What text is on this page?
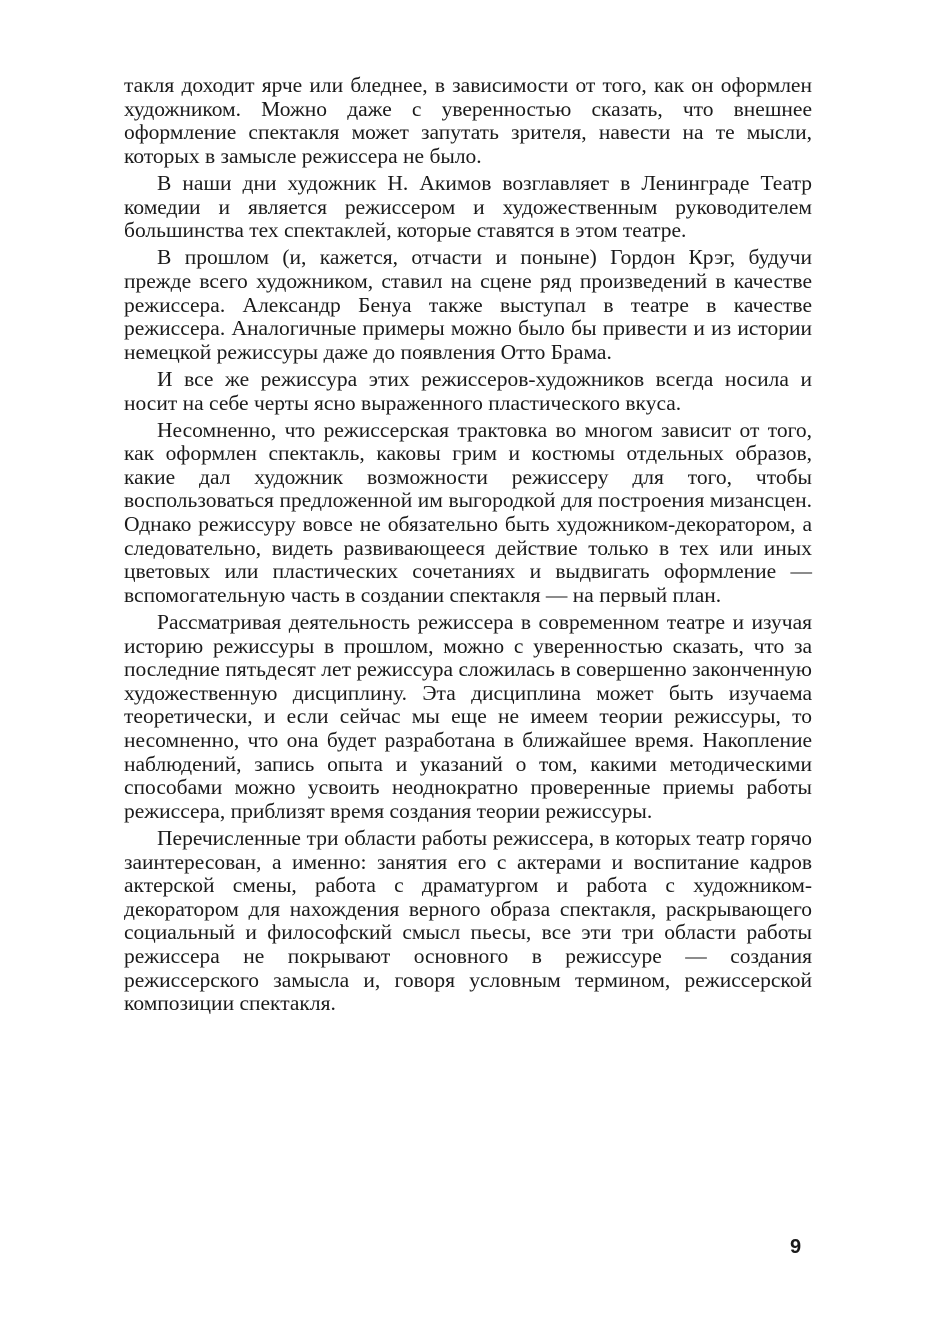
такля доходит ярче или бледнее, в зависимости от того, как он оформлен художником. Можно даже с уверенностью сказать, что внешнее оформление спектакля может запутать зрителя, навести на те мысли, которых в замысле режиссера не было.

В наши дни художник Н. Акимов возглавляет в Ленинграде Театр комедии и является режиссером и художественным руководителем большинства тех спектаклей, которые ставятся в этом театре.

В прошлом (и, кажется, отчасти и поныне) Гордон Крэг, будучи прежде всего художником, ставил на сцене ряд произведений в качестве режиссера. Александр Бенуа также выступал в театре в качестве режиссера. Аналогичные примеры можно было бы привести и из истории немецкой режиссуры даже до появления Отто Брама.

И все же режиссура этих режиссеров-художников всегда носила и носит на себе черты ясно выраженного пластического вкуса.

Несомненно, что режиссерская трактовка во многом зависит от того, как оформлен спектакль, каковы грим и костюмы отдельных образов, какие дал художник возможности режиссеру для того, чтобы воспользоваться предложенной им выгородкой для построения мизансцен. Однако режиссуру вовсе не обязательно быть художником-декоратором, а следовательно, видеть развивающееся действие только в тех или иных цветовых или пластических сочетаниях и выдвигать оформление — вспомогательную часть в создании спектакля — на первый план.

Рассматривая деятельность режиссера в современном театре и изучая историю режиссуры в прошлом, можно с уверенностью сказать, что за последние пятьдесят лет режиссура сложилась в совершенно законченную художественную дисциплину. Эта дисциплина может быть изучаема теоретически, и если сейчас мы еще не имеем теории режиссуры, то несомненно, что она будет разработана в ближайшее время. Накопление наблюдений, запись опыта и указаний о том, какими методическими способами можно усвоить неоднократно проверенные приемы работы режиссера, приблизят время создания теории режиссуры.

Перечисленные три области работы режиссера, в которых театр горячо заинтересован, а именно: занятия его с актерами и воспитание кадров актерской смены, работа с драматургом и работа с художником-декоратором для нахождения верного образа спектакля, раскрывающего социальный и философский смысл пьесы, все эти три области работы режиссера не покрывают основного в режиссуре — создания режиссерского замысла и, говоря условным термином, режиссерской композиции спектакля.

9
